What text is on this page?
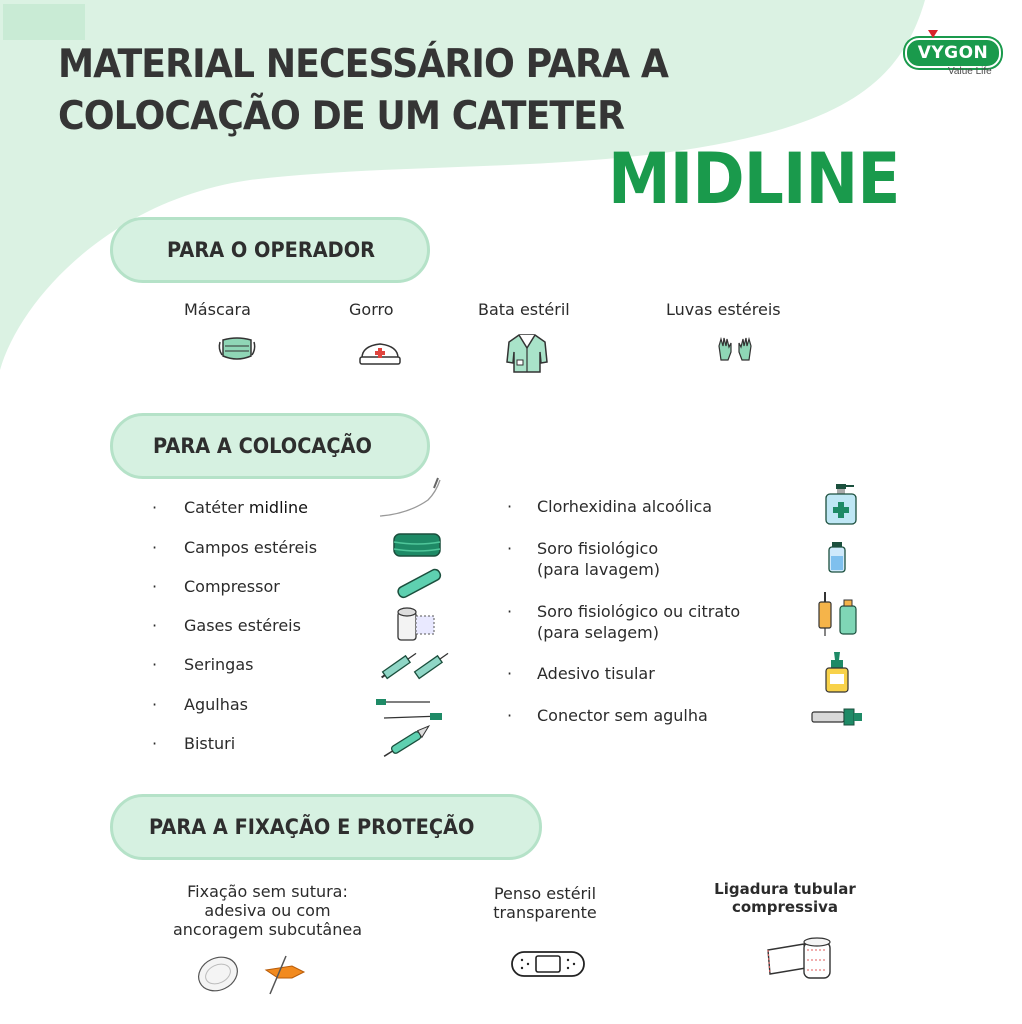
MATERIAL NECESSÁRIO PARA A
COLOCAÇÃO DE UM CATETER
MIDLINE
VYGON
Value Life
PARA O OPERADOR
Máscara	Gorro	Bata estéril	Luvas estéreis
PARA A COLOCAÇÃO
· Catéter midline
· Campos estéreis
· Compressor
· Gases estéreis
· Seringas
· Agulhas
· Bisturi
· Clorhexidina alcoólica
· Soro fisiológico
(para lavagem)
· Soro fisiológico ou citrato
(para selagem)
· Adesivo tisular
· Conector sem agulha
PARA A FIXAÇÃO E PROTEÇÃO
Fixação sem sutura:
adesiva ou com
ancoragem subcutânea
Penso estéril
transparente
Ligadura tubular
compressiva
